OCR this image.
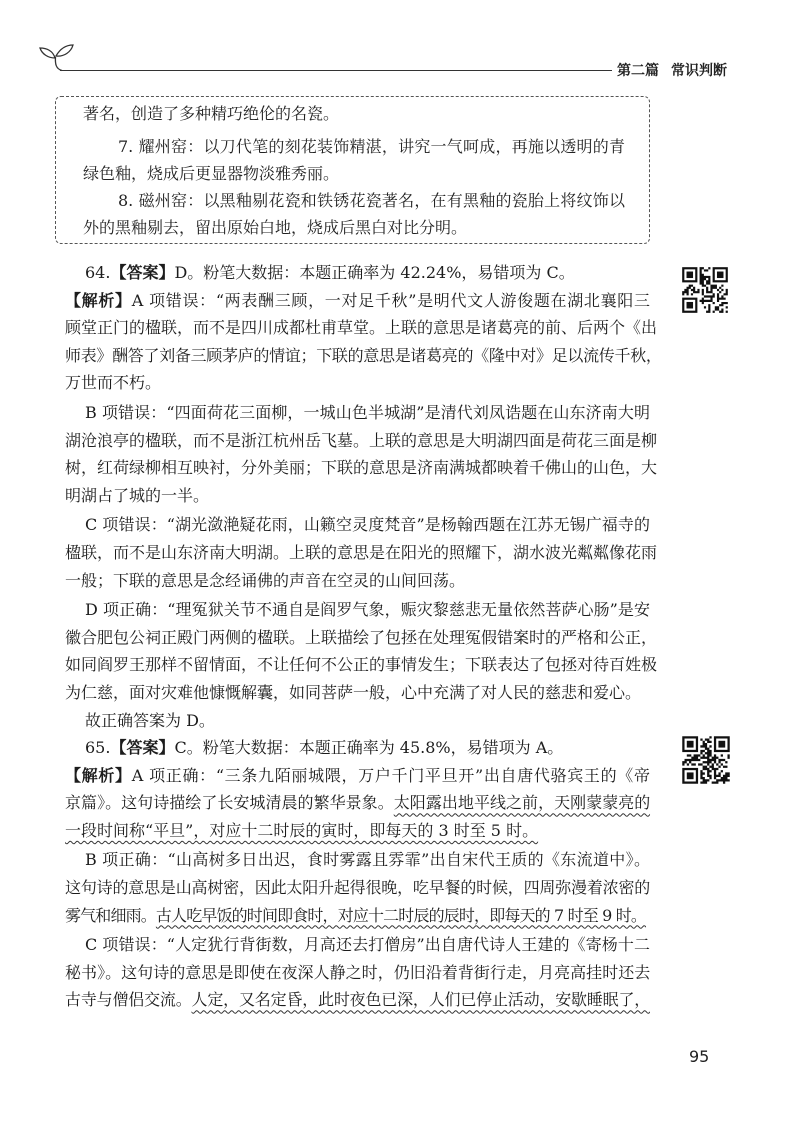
第二篇 常识判断
著名，创造了多种精巧绝伦的名瓷。
7. 耀州窑：以刀代笔的刻花装饰精湛，讲究一气呵成，再施以透明的青
绿色釉，烧成后更显器物淡雅秀丽。
8. 磁州窑：以黑釉剔花瓷和铁锈花瓷著名，在有黑釉的瓷胎上将纹饰以
外的黑釉剔去，留出原始白地，烧成后黑白对比分明。
64.【答案】D。粉笔大数据：本题正确率为 42.24%，易错项为 C。
【解析】A 项错误：“两表酬三顾，一对足千秋”是明代文人游俊题在湖北襄阳三
顾堂正门的楹联，而不是四川成都杜甫草堂。上联的意思是诸葛亮的前、后两个《出
师表》酬答了刘备三顾茅庐的情谊；下联的意思是诸葛亮的《隆中对》足以流传千秋，
万世而不朽。
B 项错误：“四面荷花三面柳，一城山色半城湖”是清代刘凤诰题在山东济南大明
湖沧浪亭的楹联，而不是浙江杭州岳飞墓。上联的意思是大明湖四面是荷花三面是柳
树，红荷绿柳相互映衬，分外美丽；下联的意思是济南满城都映着千佛山的山色，大
明湖占了城的一半。
C 项错误：“湖光潋滟疑花雨，山籁空灵度梵音”是杨翰西题在江苏无锡广福寺的
楹联，而不是山东济南大明湖。上联的意思是在阳光的照耀下，湖水波光粼粼像花雨
一般；下联的意思是念经诵佛的声音在空灵的山间回荡。
D 项正确：“理冤狱关节不通自是阎罗气象，赈灾黎慈悲无量依然菩萨心肠”是安
徽合肥包公祠正殿门两侧的楹联。上联描绘了包拯在处理冤假错案时的严格和公正，
如同阎罗王那样不留情面，不让任何不公正的事情发生；下联表达了包拯对待百姓极
为仁慈，面对灾难他慷慨解囊，如同菩萨一般，心中充满了对人民的慈悲和爱心。
故正确答案为 D。
65.【答案】C。粉笔大数据：本题正确率为 45.8%，易错项为 A。
【解析】A 项正确：“三条九陌丽城隈，万户千门平旦开”出自唐代骆宾王的《帝
京篇》。这句诗描绘了长安城清晨的繁华景象。太阳露出地平线之前，天刚蒙蒙亮的
一段时间称“平旦”，对应十二时辰的寅时，即每天的 3 时至 5 时。
B 项正确：“山高树多日出迟，食时雾露且雰霏”出自宋代王质的《东流道中》。
这句诗的意思是山高树密，因此太阳升起得很晚，吃早餐的时候，四周弥漫着浓密的
雾气和细雨。古人吃早饭的时间即食时，对应十二时辰的辰时，即每天的 7 时至 9 时。
C 项错误：“人定犹行背街数，月高还去打僧房”出自唐代诗人王建的《寄杨十二
秘书》。这句诗的意思是即使在夜深人静之时，仍旧沿着背街行走，月亮高挂时还去
古寺与僧侣交流。人定，又名定昏，此时夜色已深，人们已停止活动，安歇睡眠了，
95
